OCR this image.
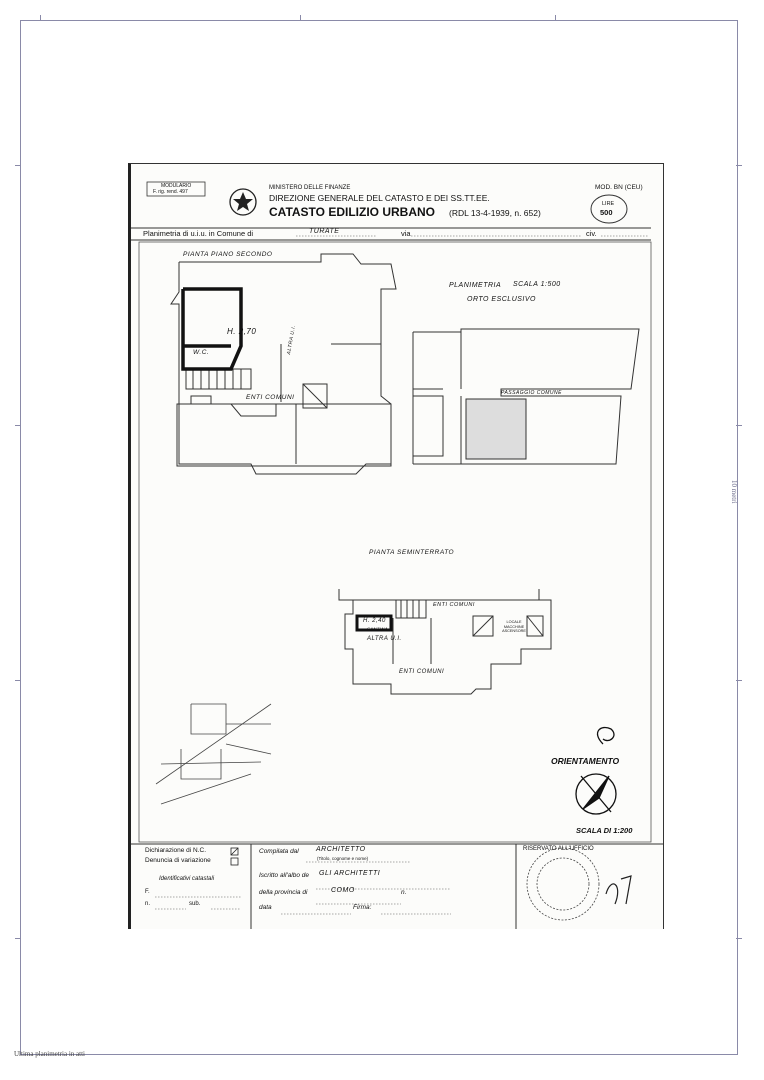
10 metri
Ultima planimetria in atti
MODULARIO
F. rig. rend. 497
MINISTERO DELLE FINANZE
DIREZIONE GENERALE DEL CATASTO E DEI SS.TT.EE.
CATASTO EDILIZIO URBANO (RDL 13-4-1939, n. 652)
MOD. BN (CEU)
LIRE
500
Planimetria di u.i.u. in Comune di	TURATE	via	civ.
PIANTA PIANO SECONDO
H. 2,70
W.C.	ALTRA U.I.
ENTI COMUNI
PLANIMETRIA SCALA 1:500
ORTO ESCLUSIVO
PASSAGGIO COMUNE
PIANTA SEMINTERRATO
ENTI COMUNI
H. 2,40
CANTINA
ALTRA U.I.
LOCALE MACCHINE ASCENSORE
ENTI COMUNI
ORIENTAMENTO
SCALA DI 1:200
Dichiarazione di N.C.
Denuncia di variazione
Identificativi catastali
F.
n.	sub.
Compilata dal ARCHITETTO
(Titolo, cognome e nome)
Iscritto all'albo de GLI ARCHITETTI
della provincia di	COMO	n.
data	Firma:
RISERVATO ALL'UFFICIO
